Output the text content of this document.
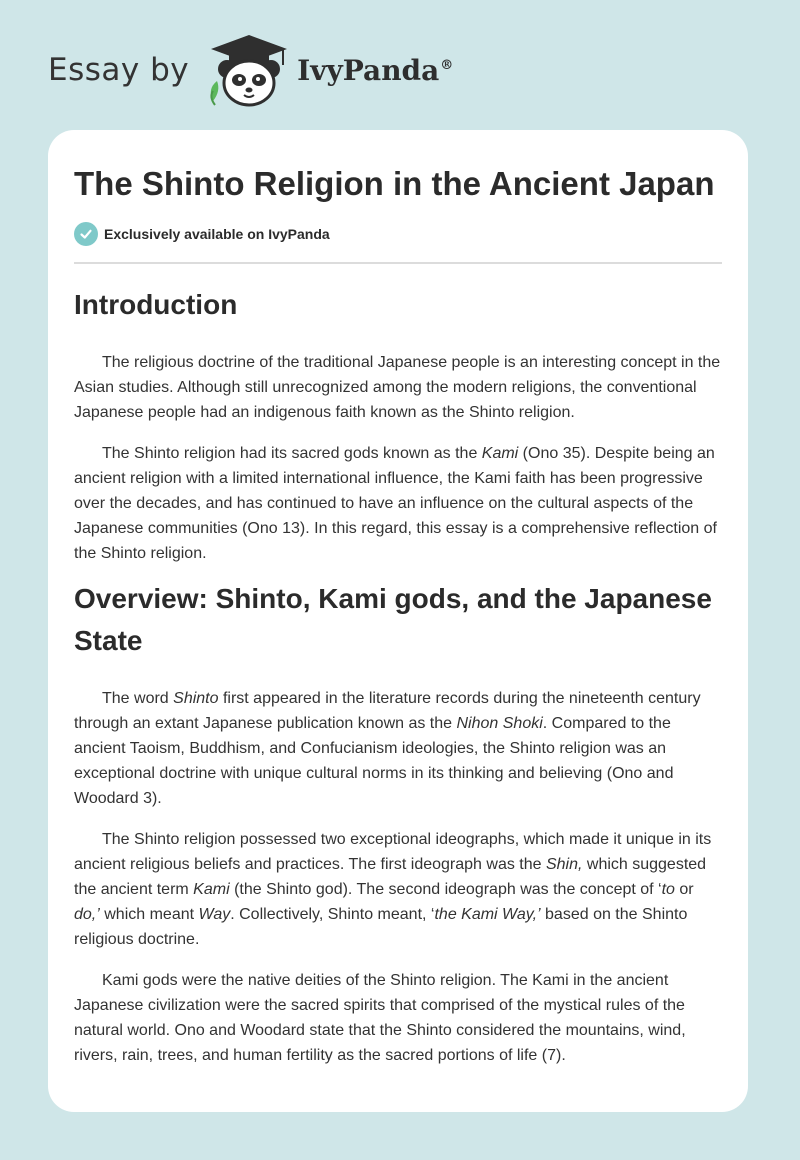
Essay by	IvyPanda®
The Shinto Religion in the Ancient Japan
Exclusively available on IvyPanda
Introduction

The religious doctrine of the traditional Japanese people is an interesting concept in the Asian studies. Although still unrecognized among the modern religions, the conventional Japanese people had an indigenous faith known as the Shinto religion.

The Shinto religion had its sacred gods known as the Kami (Ono 35). Despite being an ancient religion with a limited international influence, the Kami faith has been progressive over the decades, and has continued to have an influence on the cultural aspects of the Japanese communities (Ono 13). In this regard, this essay is a comprehensive reflection of the Shinto religion.

Overview: Shinto, Kami gods, and the Japanese State

The word Shinto first appeared in the literature records during the nineteenth century through an extant Japanese publication known as the Nihon Shoki. Compared to the ancient Taoism, Buddhism, and Confucianism ideologies, the Shinto religion was an exceptional doctrine with unique cultural norms in its thinking and believing (Ono and Woodard 3).

The Shinto religion possessed two exceptional ideographs, which made it unique in its ancient religious beliefs and practices. The first ideograph was the Shin, which suggested the ancient term Kami (the Shinto god). The second ideograph was the concept of ‘to or do,’ which meant Way. Collectively, Shinto meant, ‘the Kami Way,’ based on the Shinto religious doctrine.

Kami gods were the native deities of the Shinto religion. The Kami in the ancient Japanese civilization were the sacred spirits that comprised of the mystical rules of the natural world. Ono and Woodard state that the Shinto considered the mountains, wind, rivers, rain, trees, and human fertility as the sacred portions of life (7).
